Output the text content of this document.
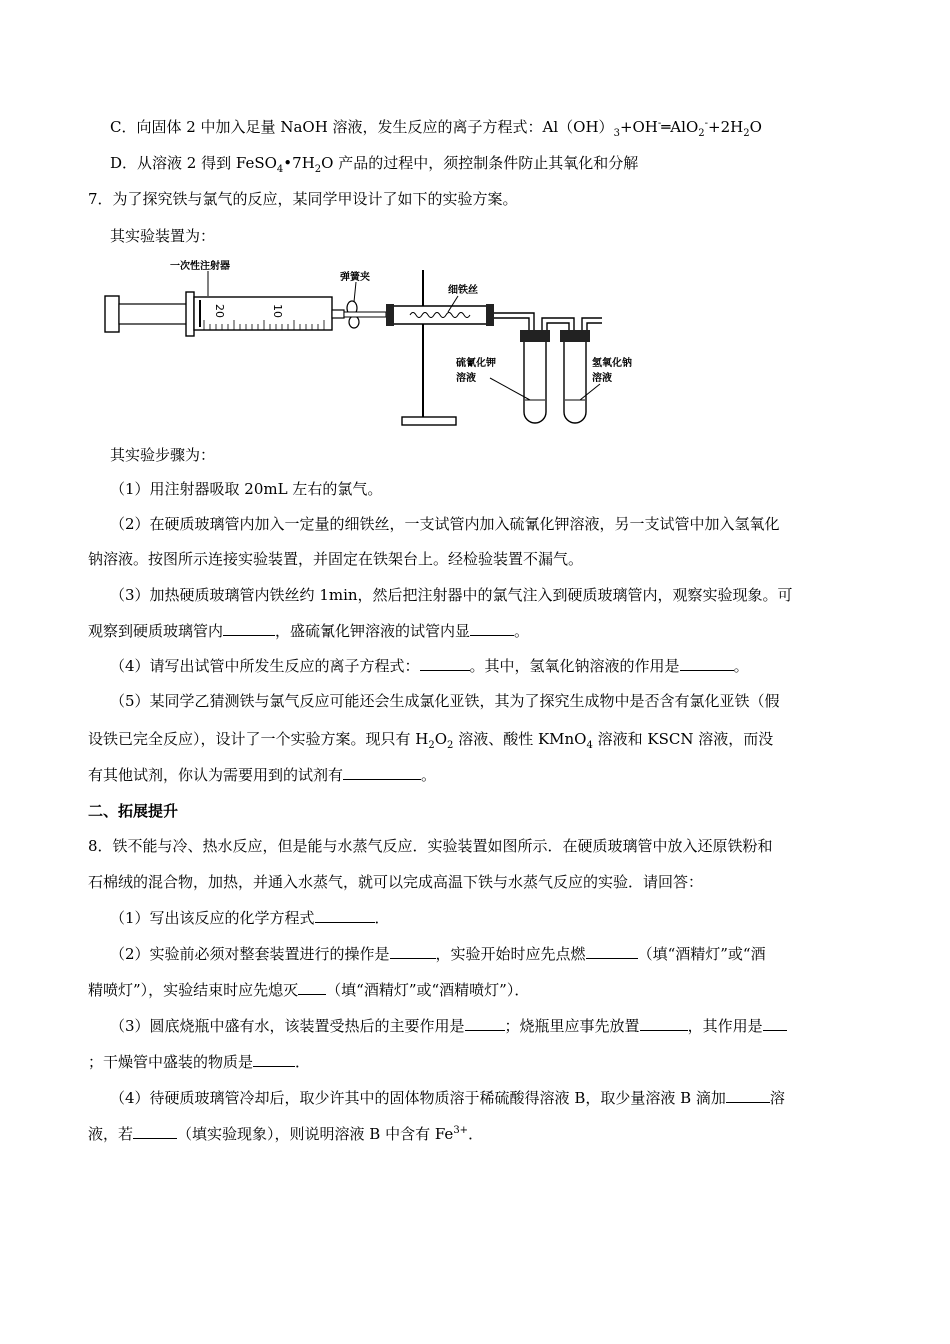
C．向固体 2 中加入足量 NaOH 溶液，发生反应的离子方程式：$Al(OH)_3+OH^-═AlO_2^-+2H_2O$
D．从溶液 2 得到 $FeSO_4•7H_2O$ 产品的过程中，须控制条件防止其氧化和分解
7．为了探究铁与氯气的反应，某同学甲设计了如下的实验方案。
其实验装置为：
一次性注射器
20	10
弹簧夹
细铁丝
硫氰化钾
溶液
氢氧化钠
溶液
其实验步骤为：
（1）用注射器吸取 20mL 左右的氯气。
（2）在硬质玻璃管内加入一定量的细铁丝，一支试管内加入硫氰化钾溶液，另一支试管中加入氢氧化
钠溶液。按图所示连接实验装置，并固定在铁架台上。经检验装置不漏气。
（3）加热硬质玻璃管内铁丝约 1min，然后把注射器中的氯气注入到硬质玻璃管内，观察实验现象。可
观察到硬质玻璃管内	，盛硫氰化钾溶液的试管内显	。
（4）请写出试管中所发生反应的离子方程式：	。其中，氢氧化钠溶液的作用是	。
（5）某同学乙猜测铁与氯气反应可能还会生成氯化亚铁，其为了探究生成物中是否含有氯化亚铁（假
设铁已完全反应），设计了一个实验方案。现只有 $H_2O_2$ 溶液、酸性 KMnO$_4$ 溶液和 KSCN 溶液，而没
有其他试剂，你认为需要用到的试剂有	。
二、拓展提升
8．铁不能与冷、热水反应，但是能与水蒸气反应．实验装置如图所示．在硬质玻璃管中放入还原铁粉和
石棉绒的混合物，加热，并通入水蒸气，就可以完成高温下铁与水蒸气反应的实验．请回答：
（1）写出该反应的化学方程式	．
（2）实验前必须对整套装置进行的操作是	，实验开始时应先点燃	（填“酒精灯”或“酒
精喷灯”），实验结束时应先熄灭 （填“酒精灯”或“酒精喷灯”）．
（3）圆底烧瓶中盛有水，该装置受热后的主要作用是	；烧瓶里应事先放置	，其作用是
；干燥管中盛装的物质是	．
（4）待硬质玻璃管冷却后，取少许其中的固体物质溶于稀硫酸得溶液 B，取少量溶液 B 滴加	溶
液，若	（填实验现象），则说明溶液 B 中含有 $Fe^{3+}$．
